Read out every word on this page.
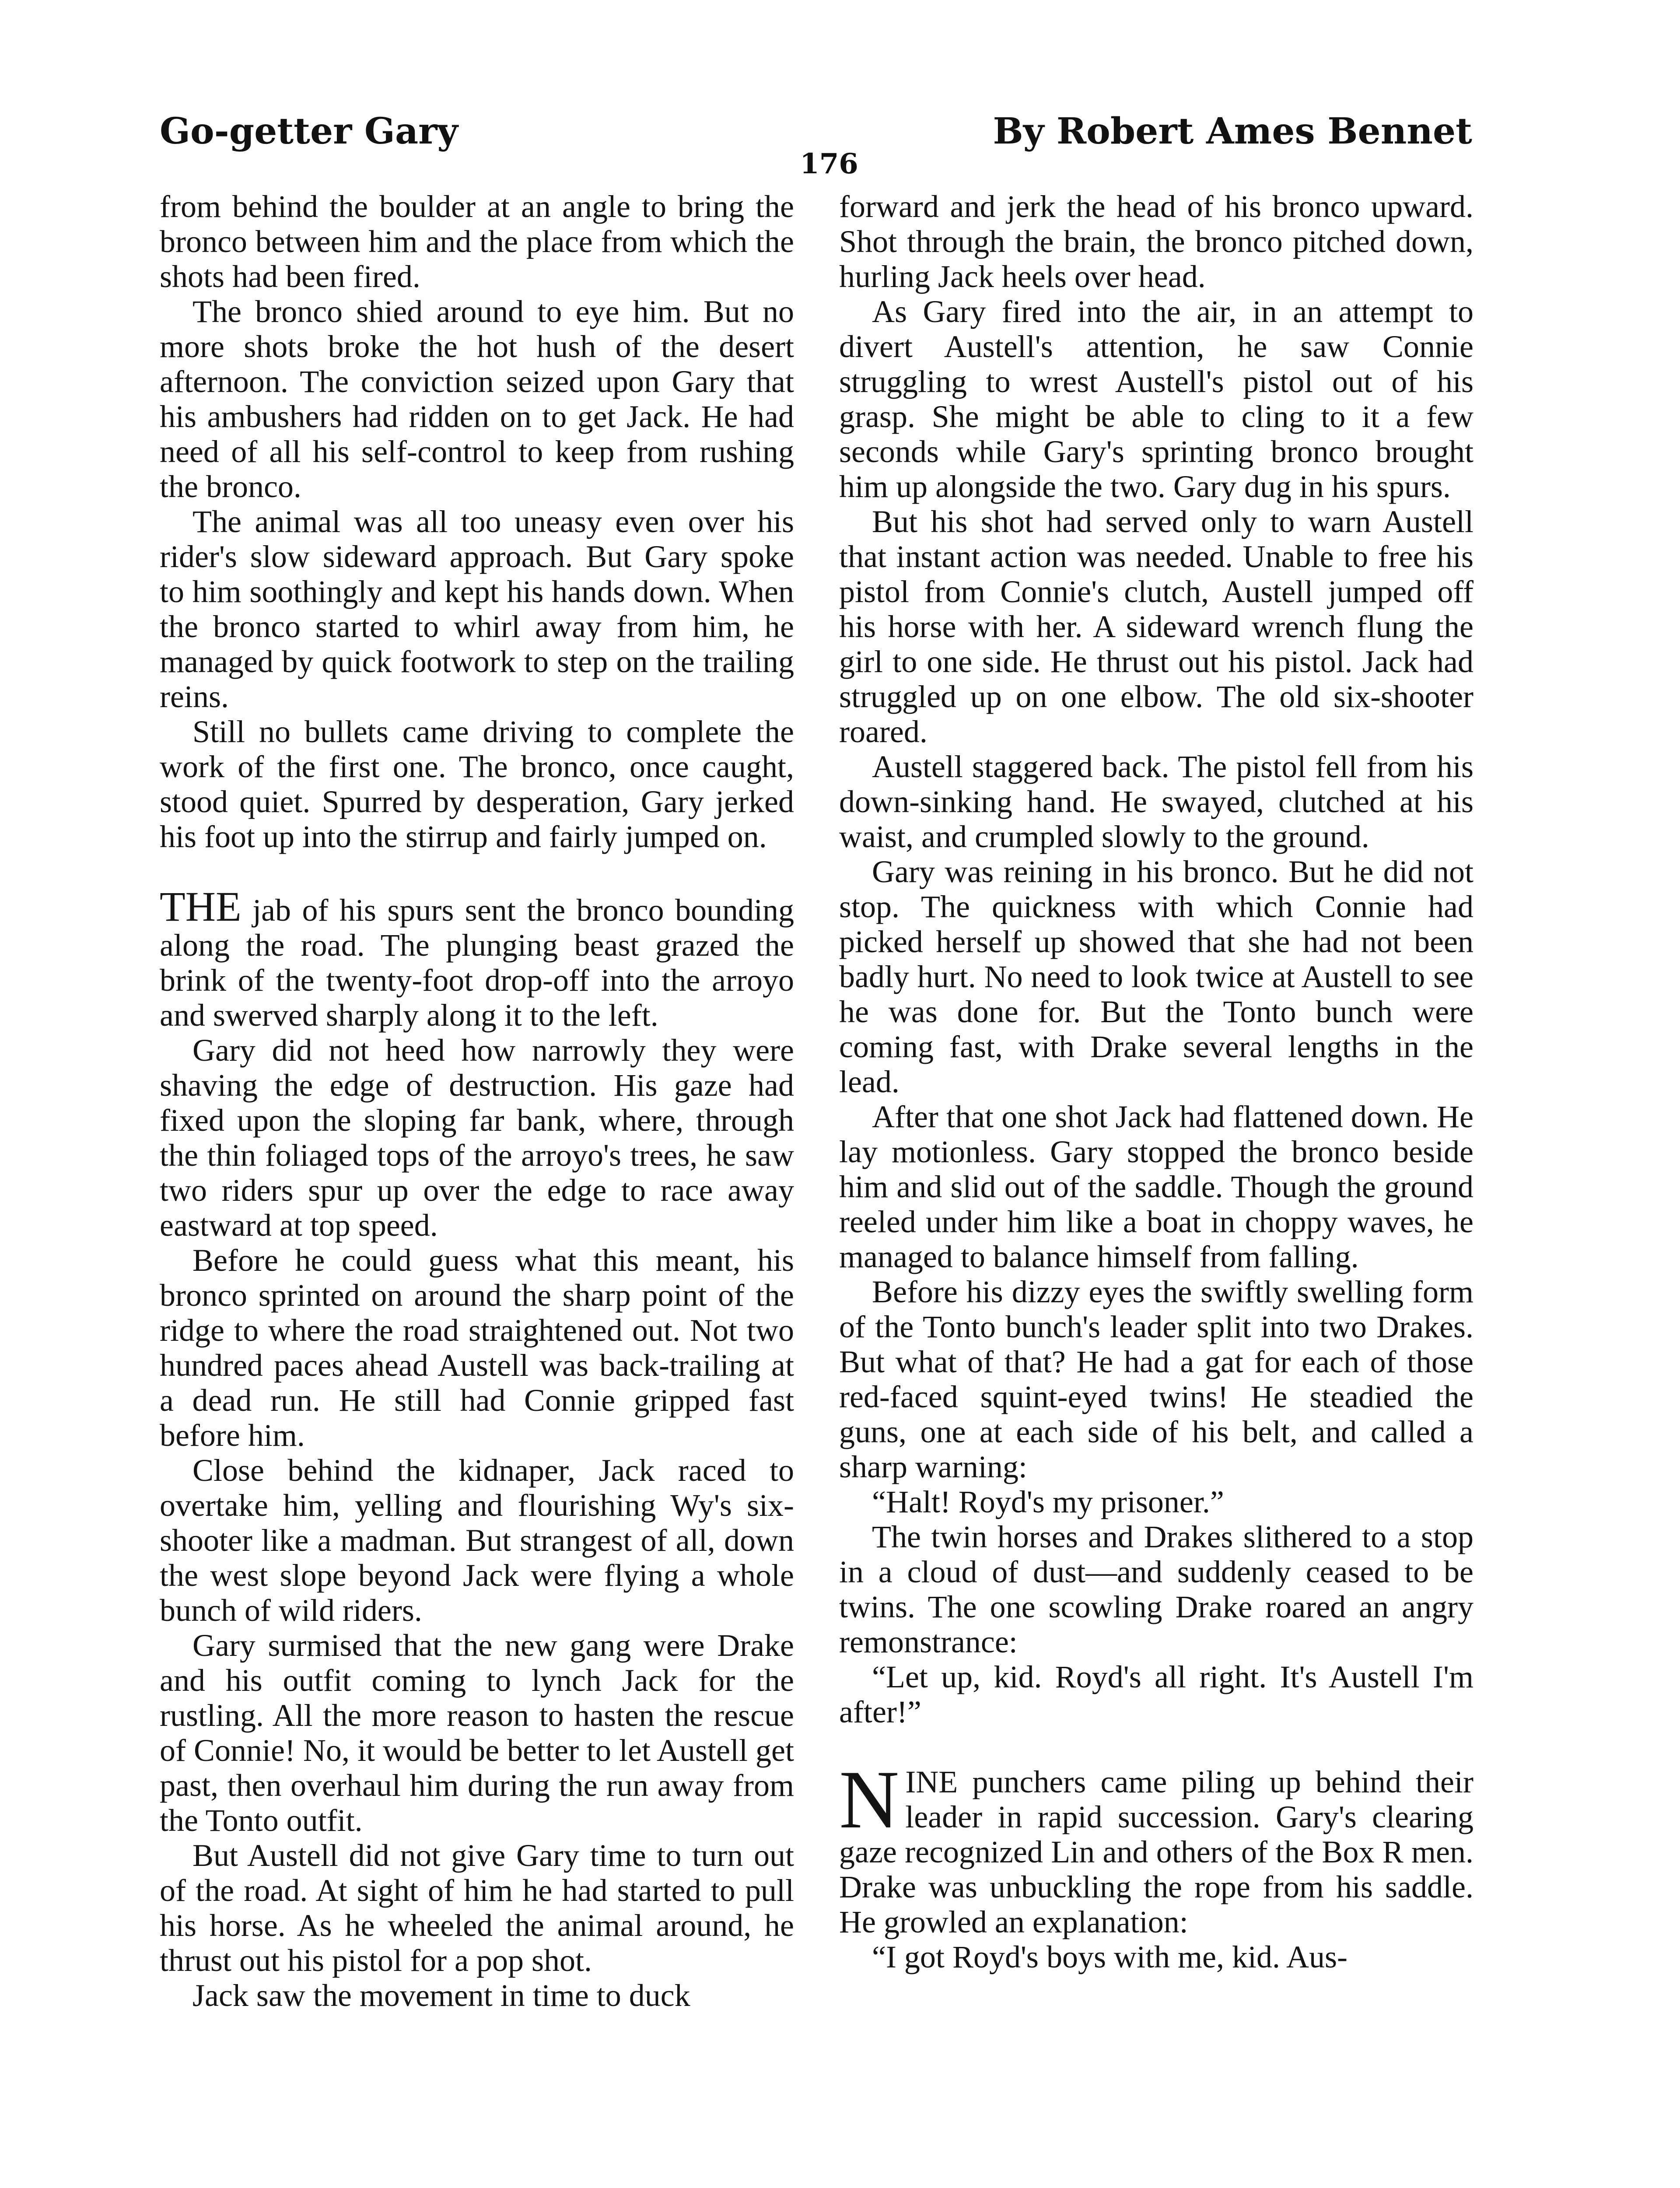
Go-getter Gary	By Robert Ames Bennet
176

from behind the boulder at an angle to bring the bronco between him and the place from which the shots had been fired.

The bronco shied around to eye him. But no more shots broke the hot hush of the desert afternoon. The conviction seized upon Gary that his ambushers had ridden on to get Jack. He had need of all his self-control to keep from rushing the bronco.

The animal was all too uneasy even over his rider's slow sideward approach. But Gary spoke to him soothingly and kept his hands down. When the bronco started to whirl away from him, he managed by quick footwork to step on the trailing reins.

Still no bullets came driving to complete the work of the first one. The bronco, once caught, stood quiet. Spurred by desperation, Gary jerked his foot up into the stirrup and fairly jumped on.

THE jab of his spurs sent the bronco bounding along the road. The plunging beast grazed the brink of the twenty-foot drop-off into the arroyo and swerved sharply along it to the left.

Gary did not heed how narrowly they were shaving the edge of destruction. His gaze had fixed upon the sloping far bank, where, through the thin foliaged tops of the arroyo's trees, he saw two riders spur up over the edge to race away eastward at top speed.

Before he could guess what this meant, his bronco sprinted on around the sharp point of the ridge to where the road straightened out. Not two hundred paces ahead Austell was back-trailing at a dead run. He still had Connie gripped fast before him.

Close behind the kidnaper, Jack raced to overtake him, yelling and flourishing Wy's six-shooter like a madman. But strangest of all, down the west slope beyond Jack were flying a whole bunch of wild riders.

Gary surmised that the new gang were Drake and his outfit coming to lynch Jack for the rustling. All the more reason to hasten the rescue of Connie! No, it would be better to let Austell get past, then overhaul him during the run away from the Tonto outfit.

But Austell did not give Gary time to turn out of the road. At sight of him he had started to pull his horse. As he wheeled the animal around, he thrust out his pistol for a pop shot.

Jack saw the movement in time to duck

forward and jerk the head of his bronco upward. Shot through the brain, the bronco pitched down, hurling Jack heels over head.

As Gary fired into the air, in an attempt to divert Austell's attention, he saw Connie struggling to wrest Austell's pistol out of his grasp. She might be able to cling to it a few seconds while Gary's sprinting bronco brought him up alongside the two. Gary dug in his spurs.

But his shot had served only to warn Austell that instant action was needed. Unable to free his pistol from Connie's clutch, Austell jumped off his horse with her. A sideward wrench flung the girl to one side. He thrust out his pistol. Jack had struggled up on one elbow. The old six-shooter roared.

Austell staggered back. The pistol fell from his down-sinking hand. He swayed, clutched at his waist, and crumpled slowly to the ground.

Gary was reining in his bronco. But he did not stop. The quickness with which Connie had picked herself up showed that she had not been badly hurt. No need to look twice at Austell to see he was done for. But the Tonto bunch were coming fast, with Drake several lengths in the lead.

After that one shot Jack had flattened down. He lay motionless. Gary stopped the bronco beside him and slid out of the saddle. Though the ground reeled under him like a boat in choppy waves, he managed to balance himself from falling.

Before his dizzy eyes the swiftly swelling form of the Tonto bunch's leader split into two Drakes. But what of that? He had a gat for each of those red-faced squint-eyed twins! He steadied the guns, one at each side of his belt, and called a sharp warning:

“Halt! Royd's my prisoner.”

The twin horses and Drakes slithered to a stop in a cloud of dust—and suddenly ceased to be twins. The one scowling Drake roared an angry remonstrance:

“Let up, kid. Royd's all right. It's Austell I'm after!”

NINE punchers came piling up behind their leader in rapid succession. Gary's clearing gaze recognized Lin and others of the Box R men. Drake was unbuckling the rope from his saddle. He growled an explanation:

“I got Royd's boys with me, kid. Aus-
